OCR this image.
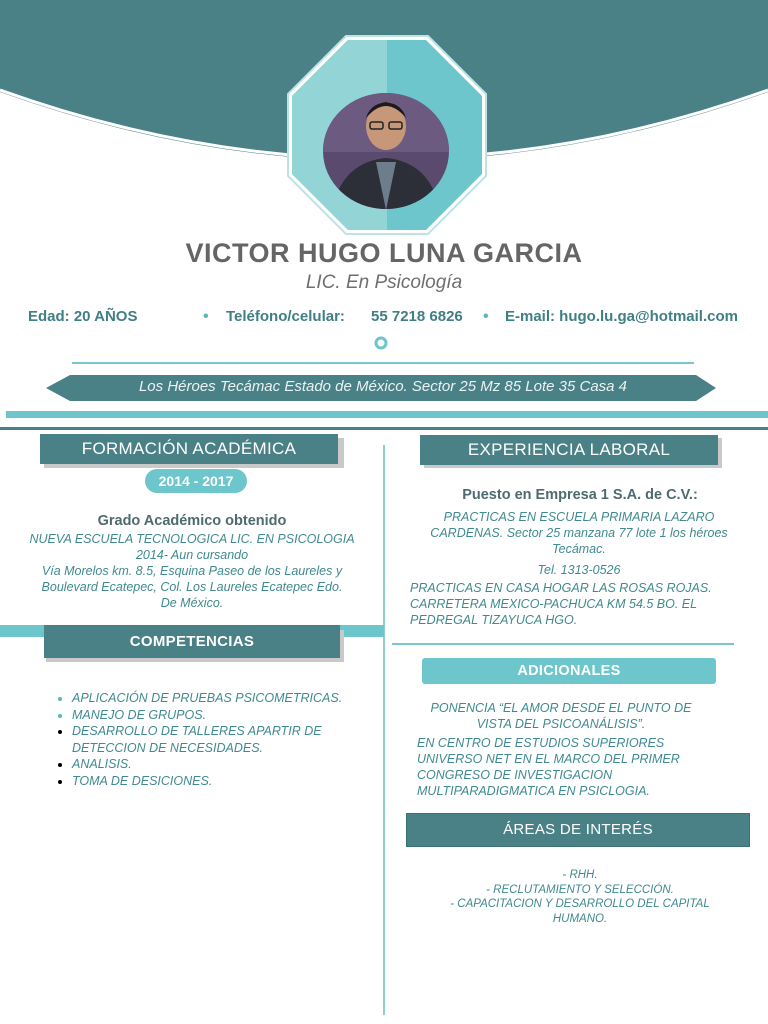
VICTOR HUGO LUNA GARCIA
LIC. En Psicología
Edad: 20 AÑOS	• Teléfono/celular: 55 7218 6826 • E-mail: hugo.lu.ga@hotmail.com
Los Héroes Tecámac Estado de México. Sector 25 Mz 85 Lote 35 Casa 4
FORMACIÓN ACADÉMICA
2014 - 2017
Grado Académico obtenido
NUEVA ESCUELA TECNOLOGICA LIC. EN PSICOLOGIA
2014- Aun cursando
Vía Morelos km. 8.5, Esquina Paseo de los Laureles y
Boulevard Ecatepec, Col. Los Laureles Ecatepec Edo.
De México.
COMPETENCIAS
• APLICACIÓN DE PRUEBAS PSICOMETRICAS.
• MANEJO DE GRUPOS.
• DESARROLLO DE TALLERES APARTIR DE DETECCION DE NECESIDADES.
• ANALISIS.
• TOMA DE DESICIONES.
EXPERIENCIA LABORAL
Puesto en Empresa 1 S.A. de C.V.:
PRACTICAS EN ESCUELA PRIMARIA LAZARO
CARDENAS. Sector 25 manzana 77 lote 1 los héroes
Tecámac.
Tel. 1313-0526
PRACTICAS EN CASA HOGAR LAS ROSAS ROJAS.
CARRETERA MEXICO-PACHUCA KM 54.5 BO. EL
PEDREGAL TIZAYUCA HGO.
ADICIONALES
PONENCIA “EL AMOR DESDE EL PUNTO DE
VISTA DEL PSICOANÁLISIS”.
EN CENTRO DE ESTUDIOS SUPERIORES
UNIVERSO NET EN EL MARCO DEL PRIMER
CONGRESO DE INVESTIGACION
MULTIPARADIGMATICA EN PSICLOGIA.
ÁREAS DE INTERÉS
- RHH.
- RECLUTAMIENTO Y SELECCIÓN.
- CAPACITACION Y DESARROLLO DEL CAPITAL
HUMANO.
